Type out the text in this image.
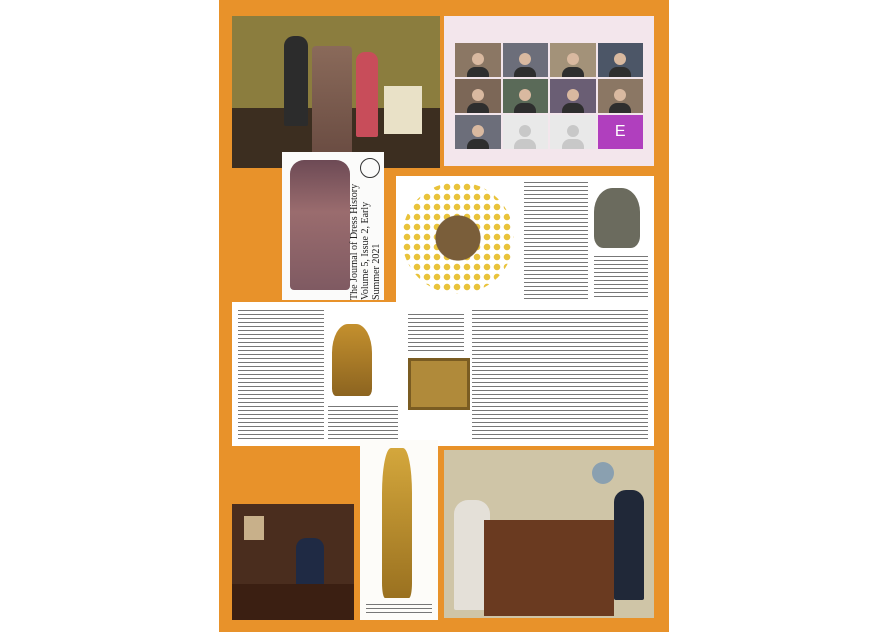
E
The Journal of Dress History Volume 5, Issue 2, Early Summer 2021
